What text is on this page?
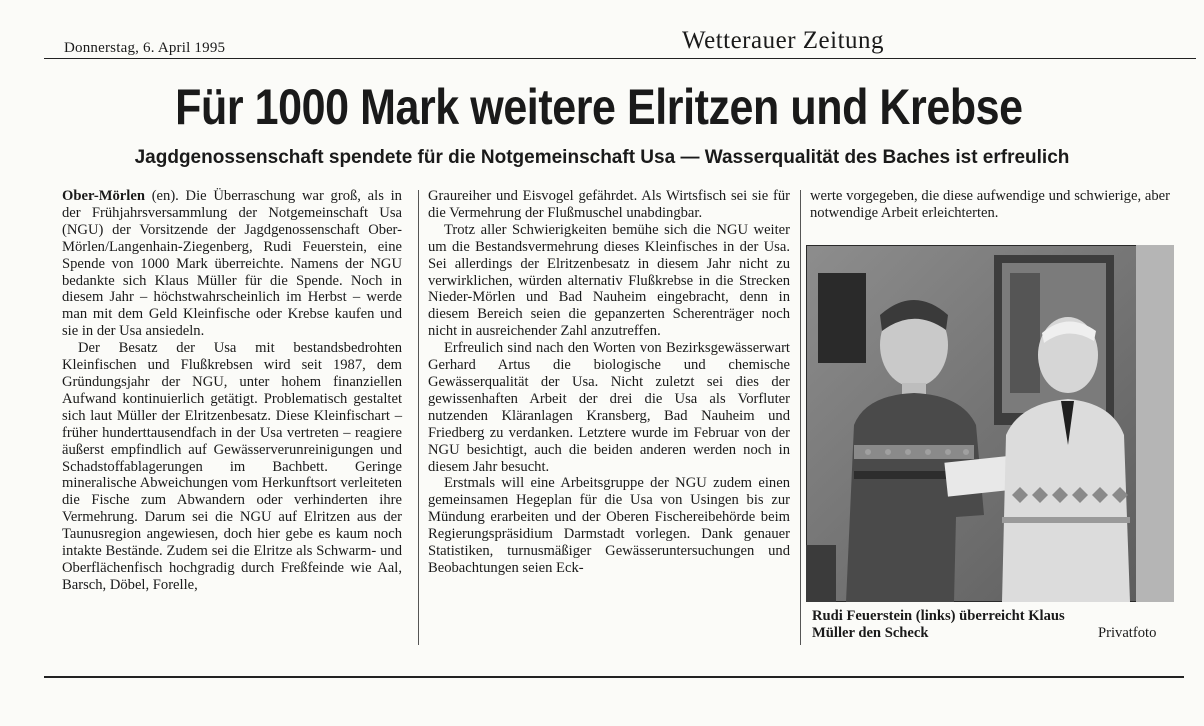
Donnerstag, 6. April 1995	Wetterauer Zeitung
Für 1000 Mark weitere Elritzen und Krebse
Jagdgenossenschaft spendete für die Notgemeinschaft Usa — Wasserqualität des Baches ist erfreulich

Ober-Mörlen (en). Die Überraschung war groß, als in der Frühjahrsversammlung der Notgemeinschaft Usa (NGU) der Vorsitzende der Jagdgenossenschaft Ober-Mörlen/Langenhain-Ziegenberg, Rudi Feuerstein, eine Spende von 1000 Mark überreichte. Namens der NGU bedankte sich Klaus Müller für die Spende. Noch in diesem Jahr – höchstwahrscheinlich im Herbst – werde man mit dem Geld Kleinfische oder Krebse kaufen und sie in der Usa ansiedeln.

Der Besatz der Usa mit bestandsbedrohten Kleinfischen und Flußkrebsen wird seit 1987, dem Gründungsjahr der NGU, unter hohem finanziellen Aufwand kontinuierlich getätigt. Problematisch gestaltet sich laut Müller der Elritzenbesatz. Diese Kleinfischart – früher hunderttausendfach in der Usa vertreten – reagiere äußerst empfindlich auf Gewässerverunreinigungen und Schadstoffablagerungen im Bachbett. Geringe mineralische Abweichungen vom Herkunftsort verleiteten die Fische zum Abwandern oder verhinderten ihre Vermehrung. Darum sei die NGU auf Elritzen aus der Taunusregion angewiesen, doch hier gebe es kaum noch intakte Bestände. Zudem sei die Elritze als Schwarm- und Oberflächenfisch hochgradig durch Freßfeinde wie Aal, Barsch, Döbel, Forelle,

Graureiher und Eisvogel gefährdet. Als Wirtsfisch sei sie für die Vermehrung der Flußmuschel unabdingbar.

Trotz aller Schwierigkeiten bemühe sich die NGU weiter um die Bestandsvermehrung dieses Kleinfisches in der Usa. Sei allerdings der Elritzenbesatz in diesem Jahr nicht zu verwirklichen, würden alternativ Flußkrebse in die Strecken Nieder-Mörlen und Bad Nauheim eingebracht, denn in diesem Bereich seien die gepanzerten Scherenträger noch nicht in ausreichender Zahl anzutreffen.

Erfreulich sind nach den Worten von Bezirksgewässerwart Gerhard Artus die biologische und chemische Gewässerqualität der Usa. Nicht zuletzt sei dies der gewissenhaften Arbeit der drei die Usa als Vorfluter nutzenden Kläranlagen Kransberg, Bad Nauheim und Friedberg zu verdanken. Letztere wurde im Februar von der NGU besichtigt, auch die beiden anderen werden noch in diesem Jahr besucht.

Erstmals will eine Arbeitsgruppe der NGU zudem einen gemeinsamen Hegeplan für die Usa von Usingen bis zur Mündung erarbeiten und der Oberen Fischereibehörde beim Regierungspräsidium Darmstadt vorlegen. Dank genauer Statistiken, turnusmäßiger Gewässeruntersuchungen und Beobachtungen seien Eck-

werte vorgegeben, die diese aufwendige und schwierige, aber notwendige Arbeit erleichterten.

Rudi Feuerstein (links) überreicht Klaus
Müller den Scheck	Privatfoto
